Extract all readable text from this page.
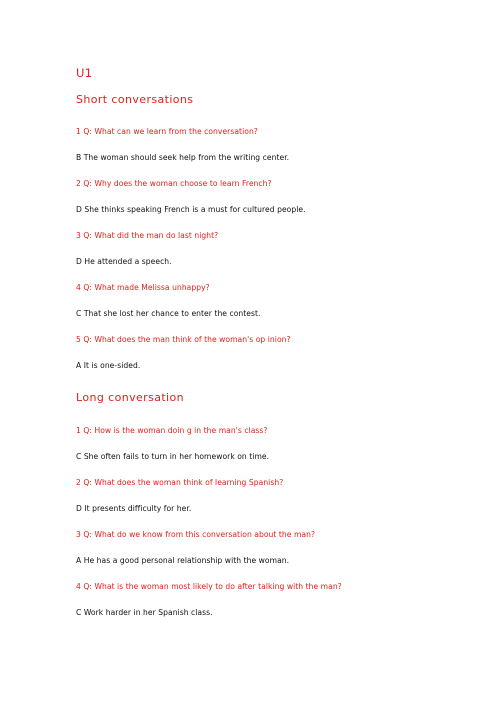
U1
Short conversations
1 Q: What can we learn from the conversation?
B The woman should seek help from the writing center.
2 Q: Why does the woman choose to learn French?
D She thinks speaking French is a must for cultured people.
3 Q: What did the man do last night?
D He attended a speech.
4 Q: What made Melissa unhappy?
C That she lost her chance to enter the contest.
5 Q: What does the man think of the woman's op inion?
A It is one-sided.
Long conversation
1 Q: How is the woman doin g in the man's class?
C She often fails to turn in her homework on time.
2 Q: What does the woman think of learning Spanish?
D It presents difficulty for her.
3 Q: What do we know from this conversation about the man?
A He has a good personal relationship with the woman.
4 Q: What is the woman most likely to do after talking with the man?
C Work harder in her Spanish class.
